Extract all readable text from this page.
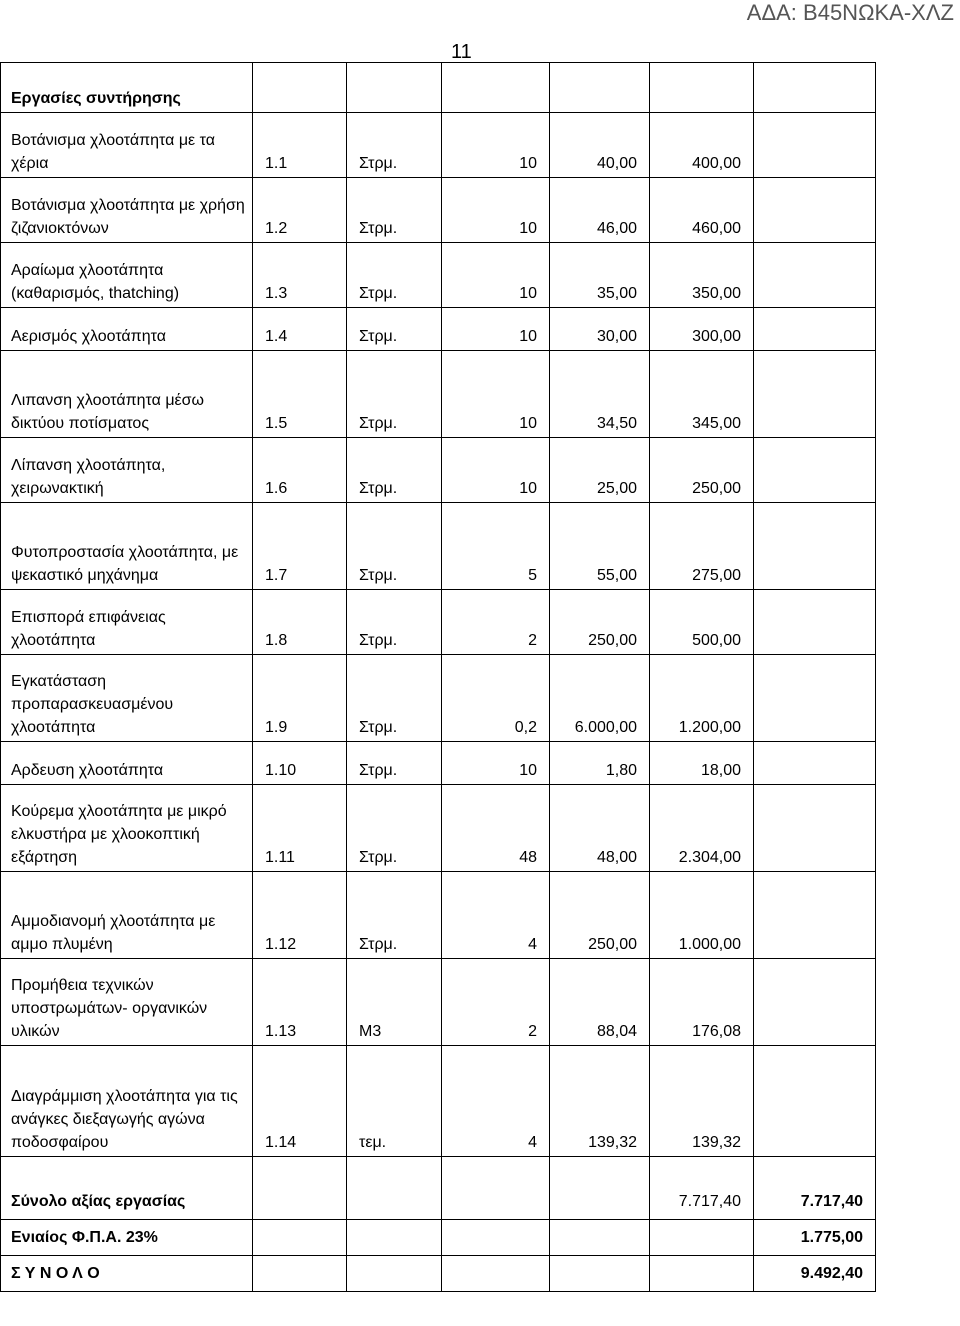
ΑΔΑ: Β45ΝΩΚΑ-ΧΛΖ
11
Εργασίες συντήρησης						
Βοτάνισμα χλοοτάπητα με τα χέρια	1.1	Στρμ.	10	40,00	400,00	
Βοτάνισμα χλοοτάπητα με χρήση ζιζανιοκτόνων	1.2	Στρμ.	10	46,00	460,00	
Αραίωμα χλοοτάπητα (καθαρισμός, thatching)	1.3	Στρμ.	10	35,00	350,00	
Αερισμός χλοοτάπητα	1.4	Στρμ.	10	30,00	300,00	
Λιπανση χλοοτάπητα μέσω δικτύου ποτίσματος	1.5	Στρμ.	10	34,50	345,00	
Λίπανση χλοοτάπητα, χειρωνακτική	1.6	Στρμ.	10	25,00	250,00	
Φυτοπροστασία χλοοτάπητα, με ψεκαστικό μηχάνημα	1.7	Στρμ.	5	55,00	275,00	
Επισπορά επιφάνειας χλοοτάπητα	1.8	Στρμ.	2	250,00	500,00	
Εγκατάσταση προπαρασκευασμένου χλοοτάπητα	1.9	Στρμ.	0,2	6.000,00	1.200,00	
Αρδευση χλοοτάπητα	1.10	Στρμ.	10	1,80	18,00	
Κούρεμα χλοοτάπητα με μικρό ελκυστήρα με χλοοκοπτική εξάρτηση	1.11	Στρμ.	48	48,00	2.304,00	
Αμμοδιανομή χλοοτάπητα με αμμο πλυμένη	1.12	Στρμ.	4	250,00	1.000,00	
Προμήθεια τεχνικών υποστρωμάτων- οργανικών υλικών	1.13	Μ3	2	88,04	176,08	
Διαγράμμιση χλοοτάπητα για τις ανάγκες διεξαγωγής αγώνα ποδοσφαίρου	1.14	τεμ.	4	139,32	139,32	
Σύνολο αξίας εργασίας					7.717,40	7.717,40
Ενιαίος Φ.Π.Α. 23%						1.775,00
Σ Υ Ν Ο Λ Ο						9.492,40
